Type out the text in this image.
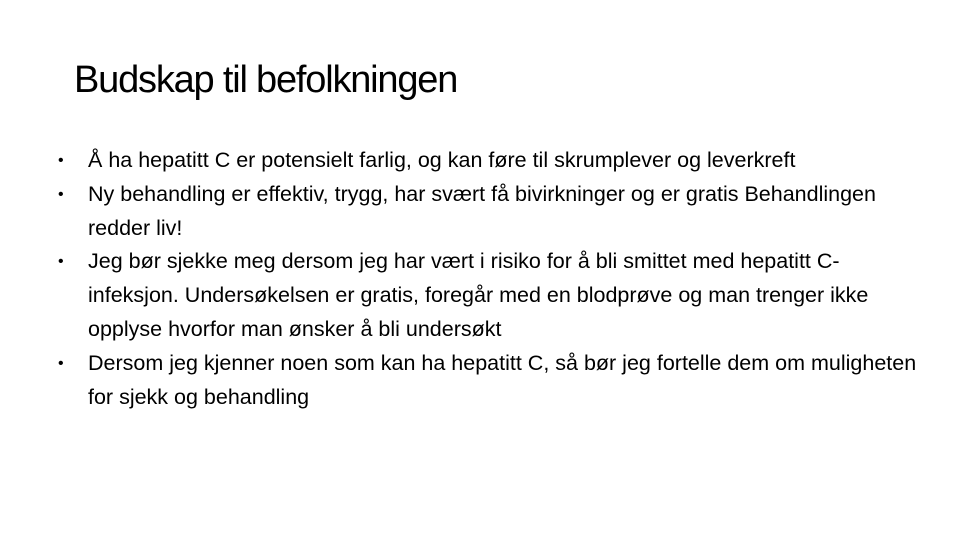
Budskap til befolkningen
•	Å ha hepatitt C er potensielt farlig, og kan føre til skrumplever og leverkreft
•	Ny behandling er effektiv, trygg, har svært få bivirkninger og er gratis Behandlingen redder liv!
•	Jeg bør sjekke meg dersom jeg har vært i risiko for å bli smittet med hepatitt C-infeksjon. Undersøkelsen er gratis, foregår med en blodprøve og man trenger ikke opplyse hvorfor man ønsker å bli undersøkt
•	Dersom jeg kjenner noen som kan ha hepatitt C, så bør jeg fortelle dem om muligheten for sjekk og behandling
